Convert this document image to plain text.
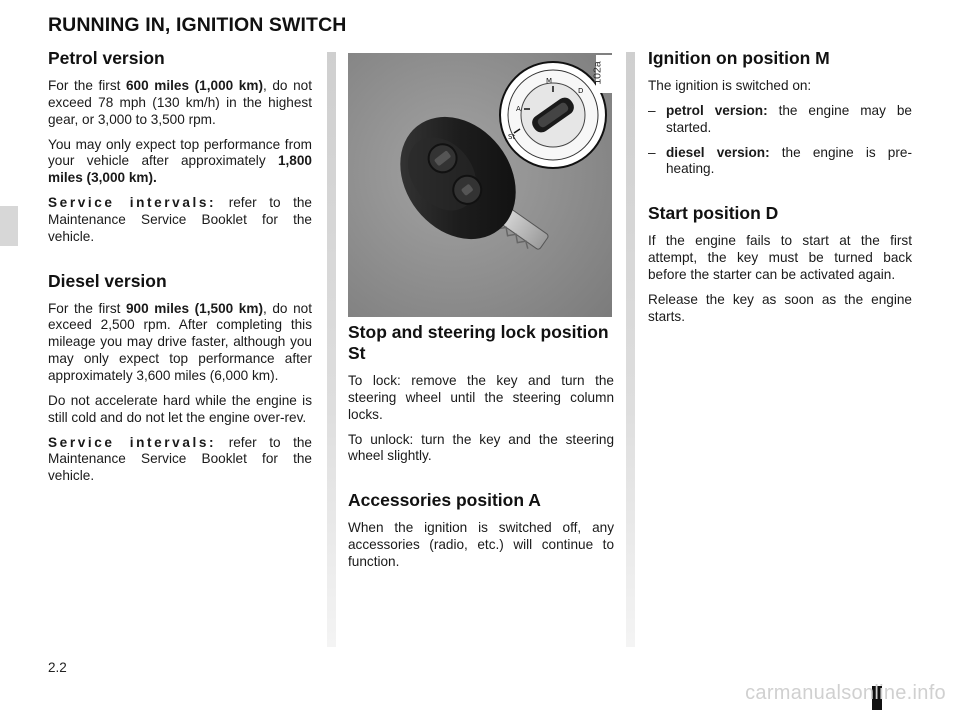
RUNNING IN, IGNITION SWITCH
Petrol version

For the first 600 miles (1,000 km), do not exceed 78 mph (130 km/h) in the highest gear, or 3,000 to 3,500 rpm.

You may only expect top performance from your vehicle after approximately 1,800 miles (3,000 km).

Service intervals: refer to the Maintenance Service Booklet for the vehicle.

Diesel version

For the first 900 miles (1,500 km), do not exceed 2,500 rpm. After completing this mileage you may drive faster, although you may only expect top performance after approximately 3,600 miles (6,000 km).

Do not accelerate hard while the engine is still cold and do not let the engine over-rev.

Service intervals: refer to the Maintenance Service Booklet for the vehicle.

St
A
M
D
102a
Stop and steering lock position St

To lock: remove the key and turn the steering wheel until the steering column locks.

To unlock: turn the key and the steering wheel slightly.

Accessories position A

When the ignition is switched off, any accessories (radio, etc.) will continue to function.

Ignition on position M

The ignition is switched on:

– petrol version: the engine may be started.
– diesel version: the engine is pre-heating.
Start position D

If the engine fails to start at the first attempt, the key must be turned back before the starter can be activated again.

Release the key as soon as the engine starts.

2.2
carmanualsonline.info
